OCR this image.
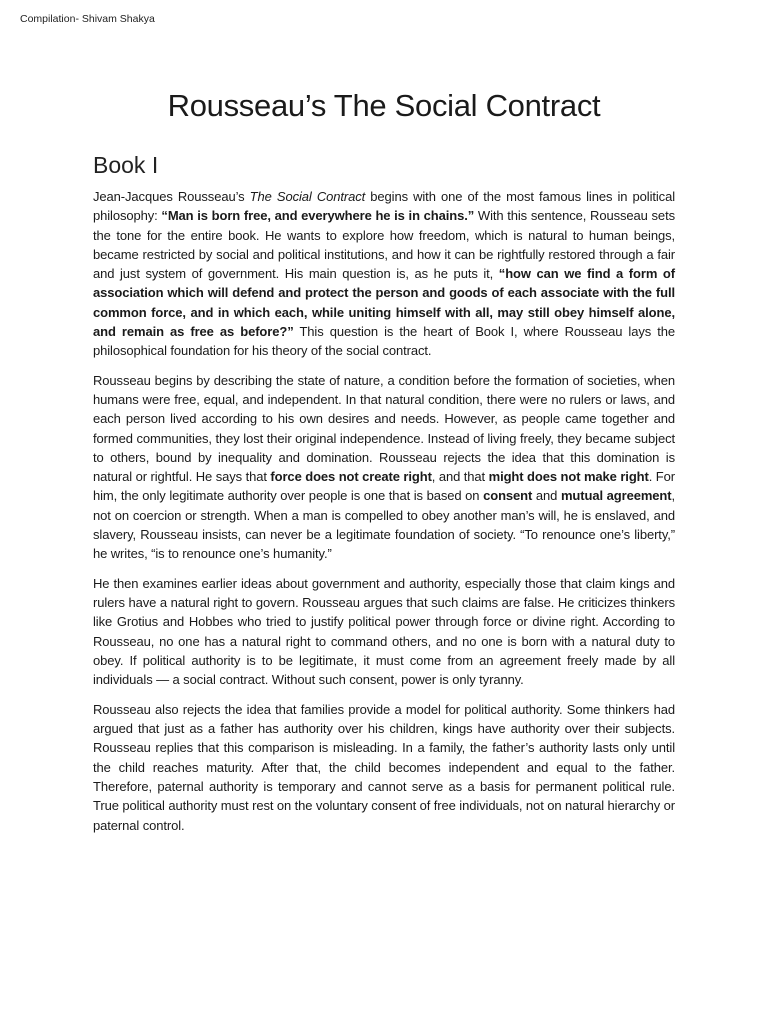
Compilation- Shivam Shakya
Rousseau’s The Social Contract
Book I

Jean-Jacques Rousseau’s The Social Contract begins with one of the most famous lines in political philosophy: “Man is born free, and everywhere he is in chains.” With this sentence, Rousseau sets the tone for the entire book. He wants to explore how freedom, which is natural to human beings, became restricted by social and political institutions, and how it can be rightfully restored through a fair and just system of government. His main question is, as he puts it, “how can we find a form of association which will defend and protect the person and goods of each associate with the full common force, and in which each, while uniting himself with all, may still obey himself alone, and remain as free as before?” This question is the heart of Book I, where Rousseau lays the philosophical foundation for his theory of the social contract.

Rousseau begins by describing the state of nature, a condition before the formation of societies, when humans were free, equal, and independent. In that natural condition, there were no rulers or laws, and each person lived according to his own desires and needs. However, as people came together and formed communities, they lost their original independence. Instead of living freely, they became subject to others, bound by inequality and domination. Rousseau rejects the idea that this domination is natural or rightful. He says that force does not create right, and that might does not make right. For him, the only legitimate authority over people is one that is based on consent and mutual agreement, not on coercion or strength. When a man is compelled to obey another man’s will, he is enslaved, and slavery, Rousseau insists, can never be a legitimate foundation of society. “To renounce one’s liberty,” he writes, “is to renounce one’s humanity.”

He then examines earlier ideas about government and authority, especially those that claim kings and rulers have a natural right to govern. Rousseau argues that such claims are false. He criticizes thinkers like Grotius and Hobbes who tried to justify political power through force or divine right. According to Rousseau, no one has a natural right to command others, and no one is born with a natural duty to obey. If political authority is to be legitimate, it must come from an agreement freely made by all individuals — a social contract. Without such consent, power is only tyranny.

Rousseau also rejects the idea that families provide a model for political authority. Some thinkers had argued that just as a father has authority over his children, kings have authority over their subjects. Rousseau replies that this comparison is misleading. In a family, the father’s authority lasts only until the child reaches maturity. After that, the child becomes independent and equal to the father. Therefore, paternal authority is temporary and cannot serve as a basis for permanent political rule. True political authority must rest on the voluntary consent of free individuals, not on natural hierarchy or paternal control.
